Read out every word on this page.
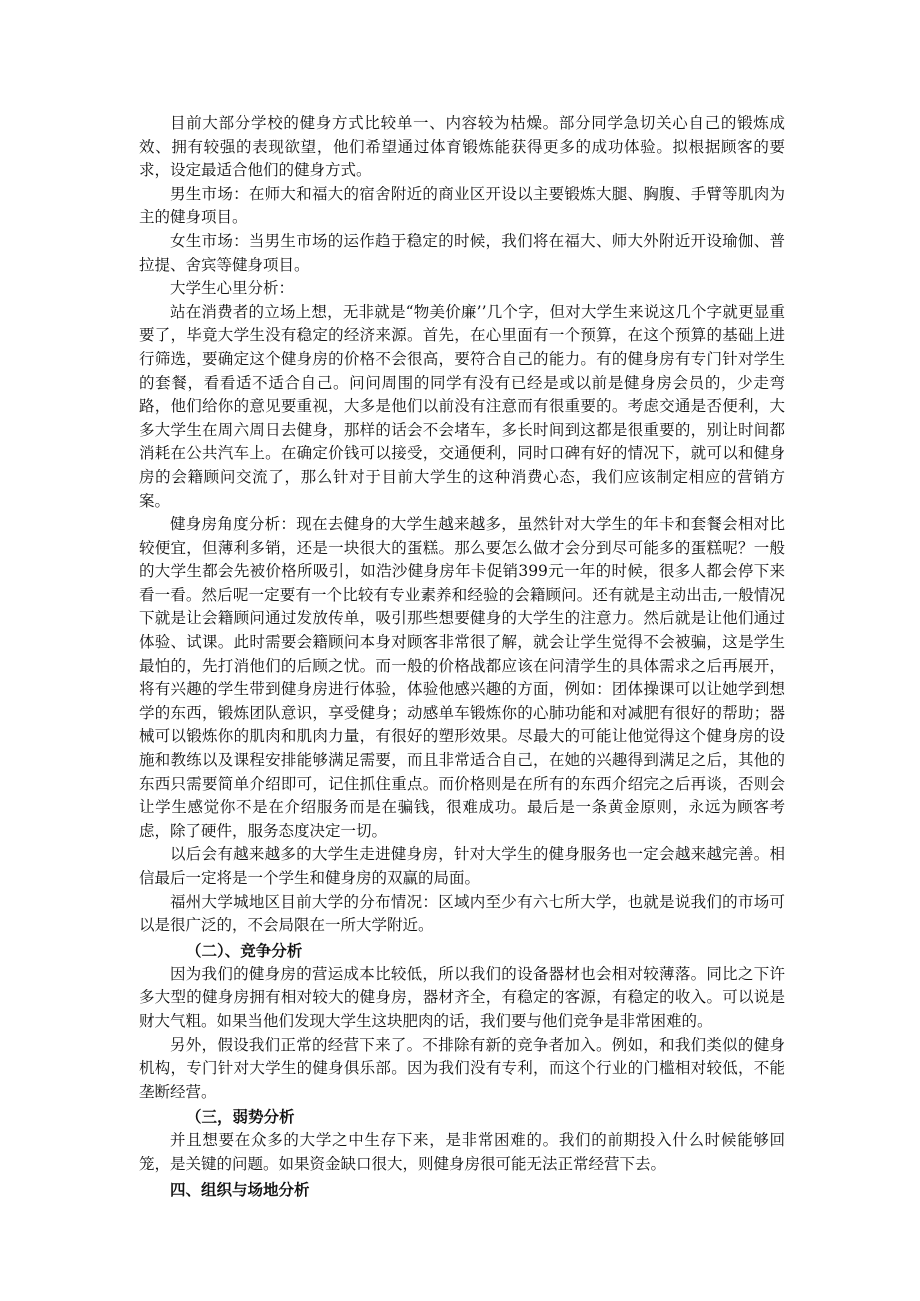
目前大部分学校的健身方式比较单一、内容较为枯燥。部分同学急切关心自己的锻炼成效、拥有较强的表现欲望，他们希望通过体育锻炼能获得更多的成功体验。拟根据顾客的要求，设定最适合他们的健身方式。

男生市场：在师大和福大的宿舍附近的商业区开设以主要锻炼大腿、胸腹、手臂等肌肉为主的健身项目。

女生市场：当男生市场的运作趋于稳定的时候，我们将在福大、师大外附近开设瑜伽、普拉提、舍宾等健身项目。

大学生心里分析：

站在消费者的立场上想，无非就是“物美价廉’’几个字，但对大学生来说这几个字就更显重要了，毕竟大学生没有稳定的经济来源。首先，在心里面有一个预算，在这个预算的基础上进行筛选，要确定这个健身房的价格不会很高，要符合自己的能力。有的健身房有专门针对学生的套餐，看看适不适合自己。问问周围的同学有没有已经是或以前是健身房会员的，少走弯路，他们给你的意见要重视，大多是他们以前没有注意而有很重要的。考虑交通是否便利，大多大学生在周六周日去健身，那样的话会不会堵车，多长时间到这都是很重要的，别让时间都消耗在公共汽车上。在确定价钱可以接受，交通便利，同时口碑有好的情况下，就可以和健身房的会籍顾问交流了，那么针对于目前大学生的这种消费心态，我们应该制定相应的营销方案。

健身房角度分析：现在去健身的大学生越来越多，虽然针对大学生的年卡和套餐会相对比较便宜，但薄利多销，还是一块很大的蛋糕。那么要怎么做才会分到尽可能多的蛋糕呢？一般的大学生都会先被价格所吸引，如浩沙健身房年卡促销399元一年的时候，很多人都会停下来看一看。然后呢一定要有一个比较有专业素养和经验的会籍顾问。还有就是主动出击,一般情况下就是让会籍顾问通过发放传单，吸引那些想要健身的大学生的注意力。然后就是让他们通过体验、试课。此时需要会籍顾问本身对顾客非常很了解，就会让学生觉得不会被骗，这是学生最怕的，先打消他们的后顾之忧。而一般的价格战都应该在问清学生的具体需求之后再展开，将有兴趣的学生带到健身房进行体验，体验他感兴趣的方面，例如：团体操课可以让她学到想学的东西，锻炼团队意识，享受健身；动感单车锻炼你的心肺功能和对减肥有很好的帮助；器械可以锻炼你的肌肉和肌肉力量，有很好的塑形效果。尽最大的可能让他觉得这个健身房的设施和教练以及课程安排能够满足需要，而且非常适合自己，在她的兴趣得到满足之后，其他的东西只需要简单介绍即可，记住抓住重点。而价格则是在所有的东西介绍完之后再谈，否则会让学生感觉你不是在介绍服务而是在骗钱，很难成功。最后是一条黄金原则，永远为顾客考虑，除了硬件，服务态度决定一切。

以后会有越来越多的大学生走进健身房，针对大学生的健身服务也一定会越来越完善。相信最后一定将是一个学生和健身房的双赢的局面。

福州大学城地区目前大学的分布情况：区域内至少有六七所大学，也就是说我们的市场可以是很广泛的，不会局限在一所大学附近。

（二）、竞争分析

因为我们的健身房的营运成本比较低，所以我们的设备器材也会相对较薄落。同比之下许多大型的健身房拥有相对较大的健身房，器材齐全，有稳定的客源，有稳定的收入。可以说是财大气粗。如果当他们发现大学生这块肥肉的话，我们要与他们竞争是非常困难的。

另外，假设我们正常的经营下来了。不排除有新的竞争者加入。例如，和我们类似的健身机构，专门针对大学生的健身俱乐部。因为我们没有专利，而这个行业的门槛相对较低，不能垄断经营。

（三，弱势分析

并且想要在众多的大学之中生存下来，是非常困难的。我们的前期投入什么时候能够回笼，是关键的问题。如果资金缺口很大，则健身房很可能无法正常经营下去。

四、组织与场地分析
